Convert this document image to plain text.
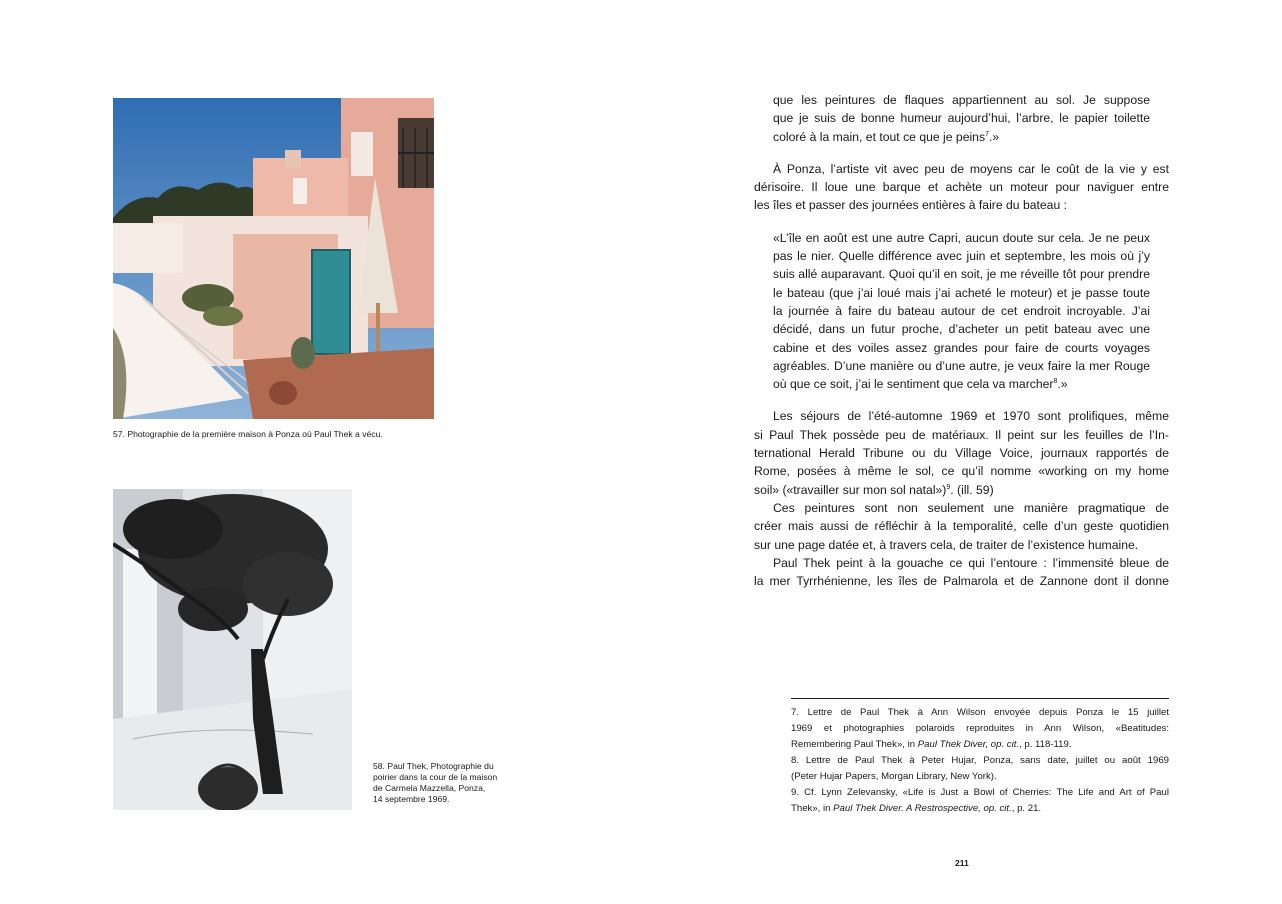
57. Photographie de la première maison à Ponza où Paul Thek a vécu.
58. Paul Thek, Photographie du
poirier dans la cour de la maison
de Carmela Mazzella, Ponza,
14 septembre 1969.
que les peintures de flaques appartiennent au sol. Je suppose
que je suis de bonne humeur aujourd’hui, l’arbre, le papier toilette
coloré à la main, et tout ce que je peins$^7$.»
À Ponza, l’artiste vit avec peu de moyens car le coût de la vie y est
dérisoire. Il loue une barque et achète un moteur pour naviguer entre
les îles et passer des journées entières à faire du bateau :
«L’île en août est une autre Capri, aucun doute sur cela. Je ne peux
pas le nier. Quelle différence avec juin et septembre, les mois où j’y
suis allé auparavant. Quoi qu’il en soit, je me réveille tôt pour prendre
le bateau (que j’ai loué mais j’ai acheté le moteur) et je passe toute
la journée à faire du bateau autour de cet endroit incroyable. J’ai
décidé, dans un futur proche, d’acheter un petit bateau avec une
cabine et des voiles assez grandes pour faire de courts voyages
agréables. D’une manière ou d’une autre, je veux faire la mer Rouge
où que ce soit, j’ai le sentiment que cela va marcher$^8$.»
Les séjours de l’été-automne 1969 et 1970 sont prolifiques, même
si Paul Thek possède peu de matériaux. Il peint sur les feuilles de l’In-
ternational Herald Tribune ou du Village Voice, journaux rapportés de
Rome, posées à même le sol, ce qu’il nomme «working on my home
soil» («travailler sur mon sol natal»)$^9$. (ill. 59)
Ces peintures sont non seulement une manière pragmatique de
créer mais aussi de réfléchir à la temporalité, celle d’un geste quotidien
sur une page datée et, à travers cela, de traiter de l’existence humaine.
Paul Thek peint à la gouache ce qui l’entoure : l’immensité bleue de
la mer Tyrrhénienne, les îles de Palmarola et de Zannone dont il donne
7. Lettre de Paul Thek à Ann Wilson envoyée depuis Ponza le 15 juillet
1969 et photographies polaroids reproduites in Ann Wilson, «Beatitudes:
Remembering Paul Thek», in Paul Thek Diver, op. cit., p. 118-119.
8. Lettre de Paul Thek à Peter Hujar, Ponza, sans date, juillet ou août 1969
(Peter Hujar Papers, Morgan Library, New York).
9. Cf. Lynn Zelevansky, «Life is Just a Bowl of Cherries: The Life and Art of Paul
Thek», in Paul Thek Diver. A Restrospective, op. cit., p. 21.
211
